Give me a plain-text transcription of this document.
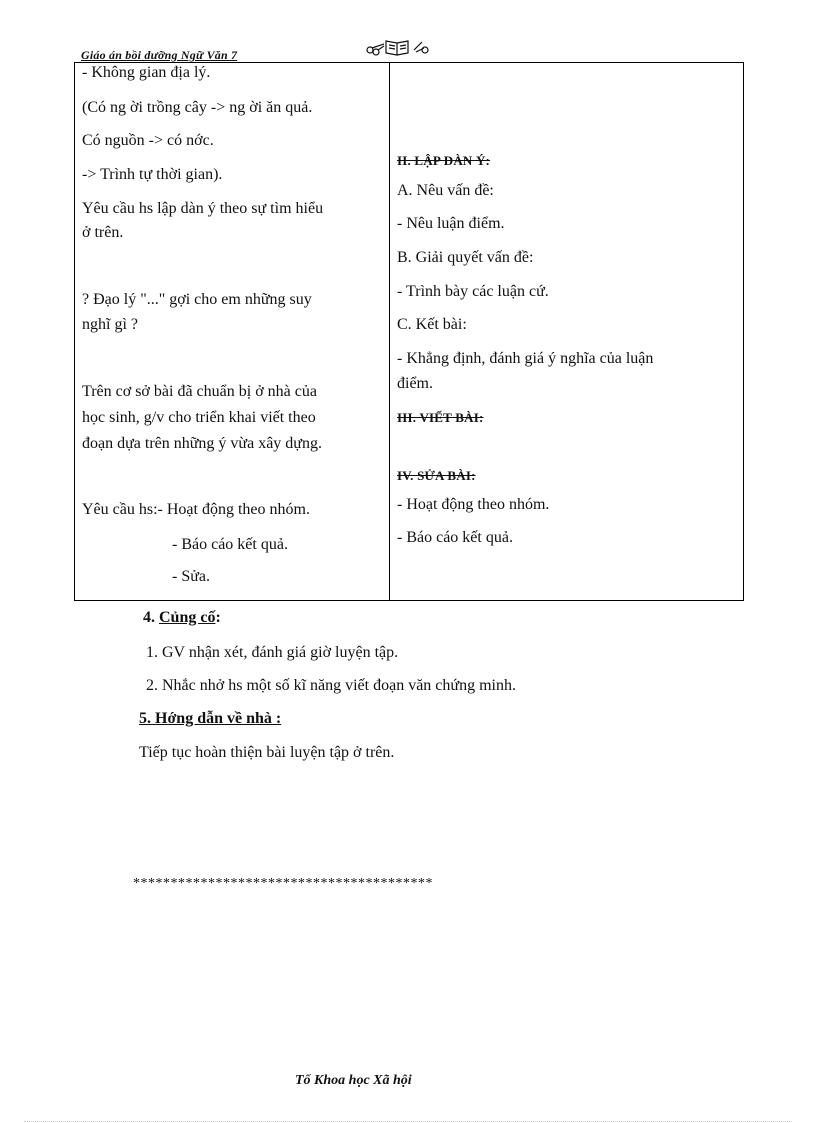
Giáo án bồi dưỡng Ngữ Văn 7
- Không gian địa lý.
(Có ng ời trồng cây -> ng ời ăn quả.
Có nguồn -> có nớc.
-> Trình tự thời gian).
Yêu cầu hs lập dàn ý theo sự tìm hiểu
ở trên.
? Đạo lý "..." gợi cho em những suy
nghĩ gì ?
Trên cơ sở bài đã chuẩn bị ở nhà của
học sinh, g/v cho triển khai viết theo
đoạn dựa trên những ý vừa xây dựng.
Yêu cầu hs:- Hoạt động theo nhóm.
- Báo cáo kết quả.
- Sửa.

II. LẬP DÀN Ý:
A. Nêu vấn đề:
- Nêu luận điểm.
B. Giải quyết vấn đề:
- Trình bày các luận cứ.
C. Kết bài:
- Khẳng định, đánh giá ý nghĩa của luận
điểm.
III. VIẾT BÀI:
IV. SỬA BÀI:
- Hoạt động theo nhóm.
- Báo cáo kết quả.
4. Củng cố:
1. GV nhận xét, đánh giá giờ luyện tập.
2. Nhắc nhở hs một số kĩ năng viết đoạn văn chứng minh.
5. Hớng dẫn về nhà :
Tiếp tục hoàn thiện bài luyện tập ở trên.
****************************************
Tổ Khoa học Xã hội
